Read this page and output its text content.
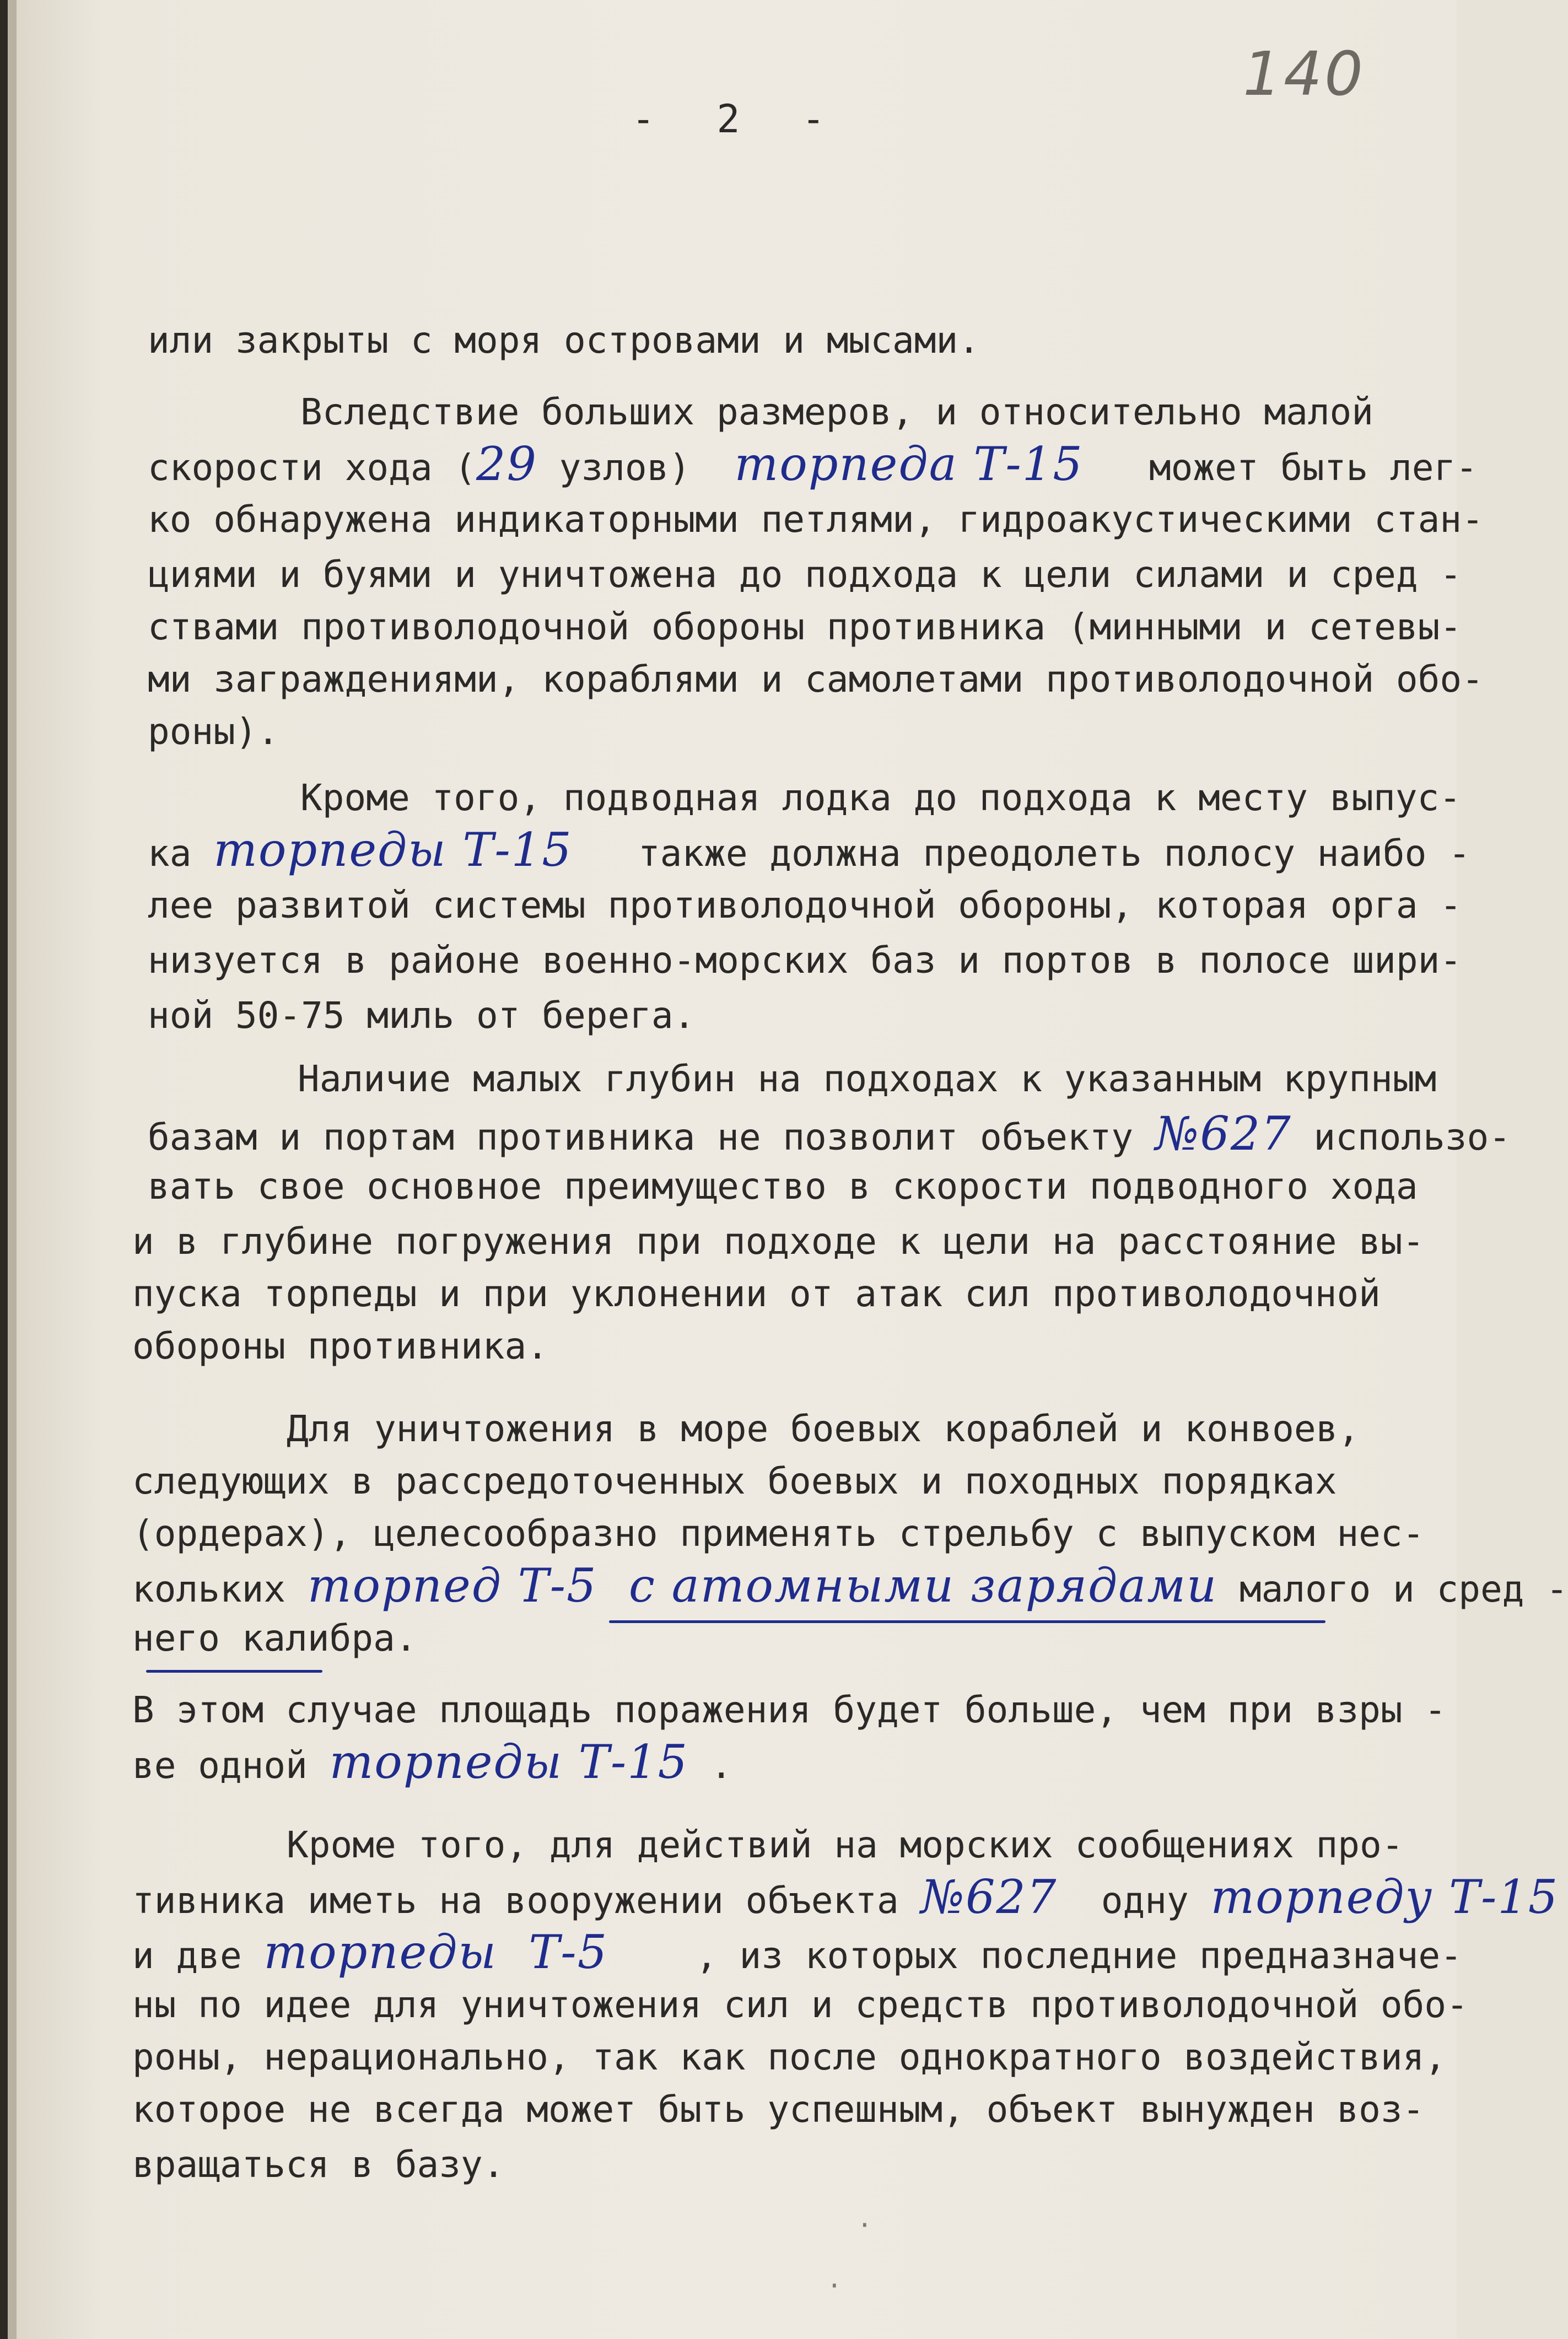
140
- 2 -
или закрыты с моря островами и мысами.
Вследствие больших размеров, и относительно малой
скорости хода (29 узлов)  торпеда Т-15   может быть лег-
ко обнаружена индикаторными петлями, гидроакустическими стан-
циями и буями и уничтожена до подхода к цели силами и сред -
ствами противолодочной обороны противника (минными и сетевы-
ми заграждениями, кораблями и самолетами противолодочной обо-
роны).
Кроме того, подводная лодка до подхода к месту выпус-
ка торпеды Т-15   также должна преодолеть полосу наибо -
лее развитой системы противолодочной обороны, которая орга -
низуется в районе военно-морских баз и портов в полосе шири-
ной 50-75 миль от берега.
Наличие малых глубин на подходах к указанным крупным
базам и портам противника не позволит объекту №627 использо-
вать свое основное преимущество в скорости подводного хода
и в глубине погружения при подходе к цели на расстояние вы-
пуска торпеды и при уклонении от атак сил противолодочной
обороны противника.
Для уничтожения в море боевых кораблей и конвоев,
следующих в рассредоточенных боевых и походных порядках
(ордерах), целесообразно применять стрельбу с выпуском нес-
кольких торпед Т-5  с атомными зарядами малого и сред -
него калибра.
В этом случае площадь поражения будет больше, чем при взры -
ве одной торпеды Т-15 .
Кроме того, для действий на морских сообщениях про-
тивника иметь на вооружении объекта №627  одну торпеду Т-15
и две торпеды  Т-5    , из которых последние предназначе-
ны по идее для уничтожения сил и средств противолодочной обо-
роны, нерационально, так как после однократного воздействия,
которое не всегда может быть успешным, объект вынужден воз-
вращаться в базу.
·
·
